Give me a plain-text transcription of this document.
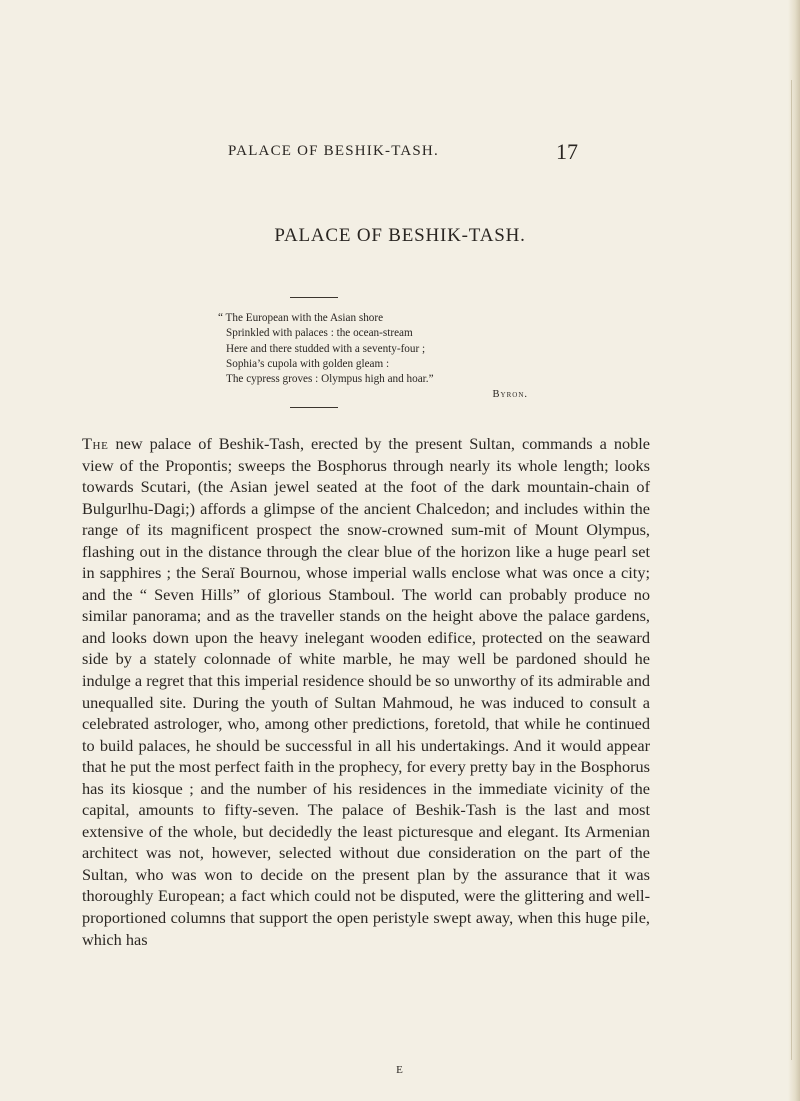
PALACE OF BESHIK-TASH.	17
PALACE OF BESHIK-TASH.
“ The European with the Asian shore
Sprinkled with palaces : the ocean-stream
Here and there studded with a seventy-four ;
Sophia’s cupola with golden gleam :
The cypress groves : Olympus high and hoar.”
Byron.
The new palace of Beshik-Tash, erected by the present Sultan, commands a noble view of the Propontis; sweeps the Bosphorus through nearly its whole length; looks towards Scutari, (the Asian jewel seated at the foot of the dark mountain-chain of Bulgurlhu-Dagi;) affords a glimpse of the ancient Chalcedon; and includes within the range of its magnificent prospect the snow-crowned sum-mit of Mount Olympus, flashing out in the distance through the clear blue of the horizon like a huge pearl set in sapphires ; the Seraï Bournou, whose imperial walls enclose what was once a city; and the “ Seven Hills” of glorious Stamboul. The world can probably produce no similar panorama; and as the traveller stands on the height above the palace gardens, and looks down upon the heavy inelegant wooden edifice, protected on the seaward side by a stately colonnade of white marble, he may well be pardoned should he indulge a regret that this imperial residence should be so unworthy of its admirable and unequalled site. During the youth of Sultan Mahmoud, he was induced to consult a celebrated astrologer, who, among other predictions, foretold, that while he continued to build palaces, he should be successful in all his undertakings. And it would appear that he put the most perfect faith in the prophecy, for every pretty bay in the Bosphorus has its kiosque ; and the number of his residences in the immediate vicinity of the capital, amounts to fifty-seven. The palace of Beshik-Tash is the last and most extensive of the whole, but decidedly the least picturesque and elegant. Its Armenian architect was not, however, selected without due consideration on the part of the Sultan, who was won to decide on the present plan by the assurance that it was thoroughly European; a fact which could not be disputed, were the glittering and well-proportioned columns that support the open peristyle swept away, when this huge pile, which has
E
